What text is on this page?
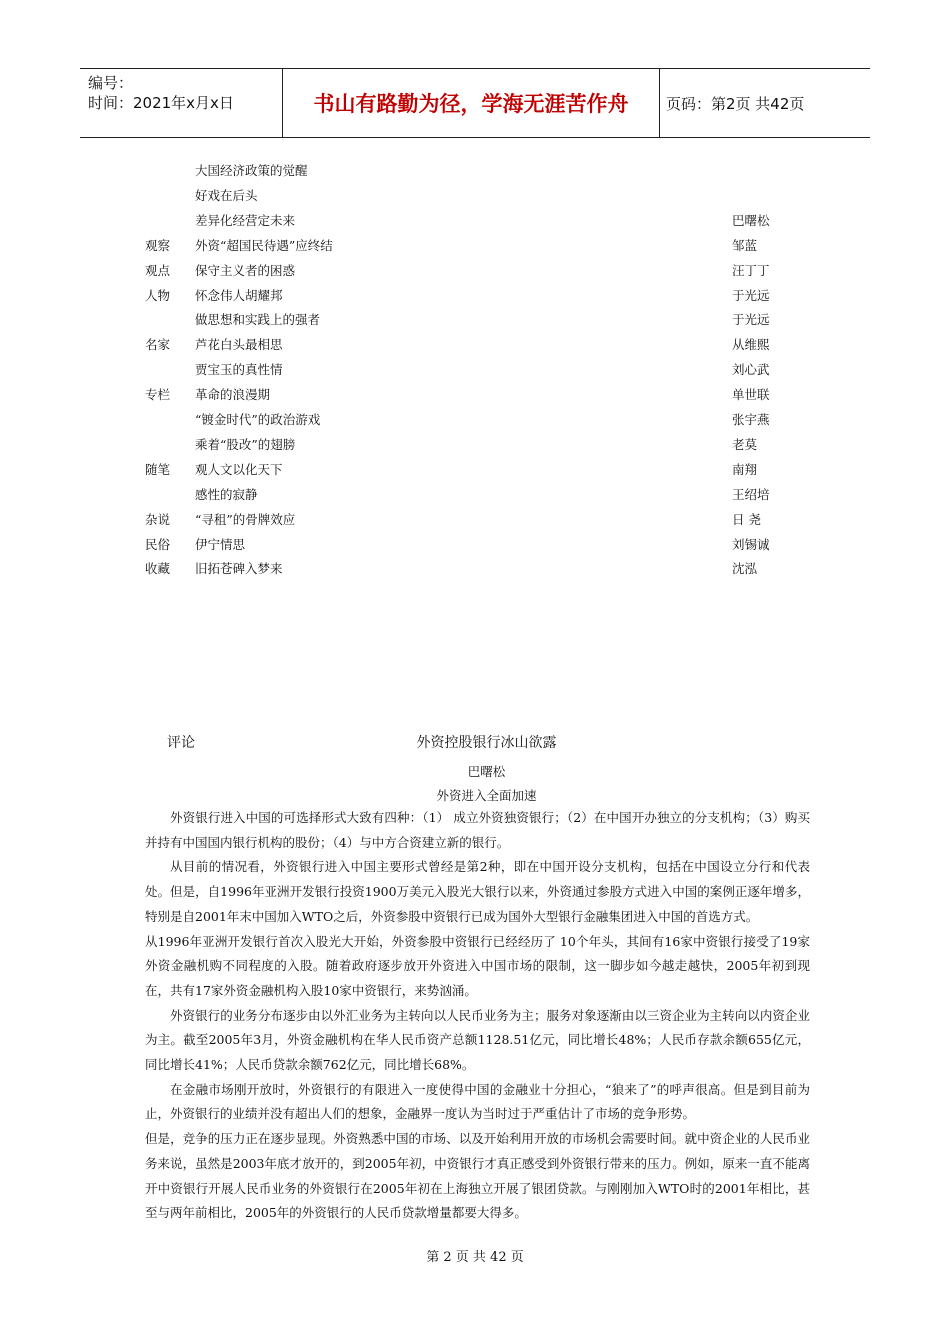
编号：
时间：2021年x月x日	书山有路勤为径，学海无涯苦作舟	页码：第2页 共42页
大国经济政策的觉醒
好戏在后头
差异化经营定未来	巴曙松
观察 外资“超国民待遇”应终结	邹蓝
观点 保守主义者的困惑	汪丁丁
人物 怀念伟人胡耀邦	于光远
做思想和实践上的强者	于光远
名家 芦花白头最相思	从维熙
贾宝玉的真性情	刘心武
专栏 革命的浪漫期	单世联
“镀金时代”的政治游戏	张宇燕
乘着“股改”的翅膀	老莫
随笔 观人文以化天下	南翔
感性的寂静	王绍培
杂说 “寻租”的骨牌效应	日 尧
民俗 伊宁情思	刘锡诚
收藏 旧拓苍碑入梦来	沈泓
评论	外资控股银行冰山欲露
巴曙松
外资进入全面加速

外资银行进入中国的可选择形式大致有四种：（1） 成立外资独资银行；（2）在中国开办独立的分支机构；（3）购买并持有中国国内银行机构的股份；（4）与中方合资建立新的银行。

从目前的情况看，外资银行进入中国主要形式曾经是第2种，即在中国开设分支机构，包括在中国设立分行和代表处。但是，自1996年亚洲开发银行投资1900万美元入股光大银行以来，外资通过参股方式进入中国的案例正逐年增多，特别是自2001年末中国加入WTO之后，外资参股中资银行已成为国外大型银行金融集团进入中国的首选方式。

从1996年亚洲开发银行首次入股光大开始，外资参股中资银行已经经历了 10个年头，其间有16家中资银行接受了19家外资金融机购不同程度的入股。随着政府逐步放开外资进入中国市场的限制，这一脚步如今越走越快，2005年初到现在，共有17家外资金融机构入股10家中资银行，来势汹涌。

外资银行的业务分布逐步由以外汇业务为主转向以人民币业务为主；服务对象逐渐由以三资企业为主转向以内资企业为主。截至2005年3月，外资金融机构在华人民币资产总额1128.51亿元，同比增长48%；人民币存款余额655亿元，同比增长41%；人民币贷款余额762亿元，同比增长68%。

在金融市场刚开放时，外资银行的有限进入一度使得中国的金融业十分担心，“狼来了”的呼声很高。但是到目前为止，外资银行的业绩并没有超出人们的想象，金融界一度认为当时过于严重估计了市场的竞争形势。

但是，竞争的压力正在逐步显现。外资熟悉中国的市场、以及开始利用开放的市场机会需要时间。就中资企业的人民币业务来说，虽然是2003年底才放开的，到2005年初，中资银行才真正感受到外资银行带来的压力。例如，原来一直不能离开中资银行开展人民币业务的外资银行在2005年初在上海独立开展了银团贷款。与刚刚加入WTO时的2001年相比，甚至与两年前相比，2005年的外资银行的人民币贷款增量都要大得多。

第 2 页 共 42 页
